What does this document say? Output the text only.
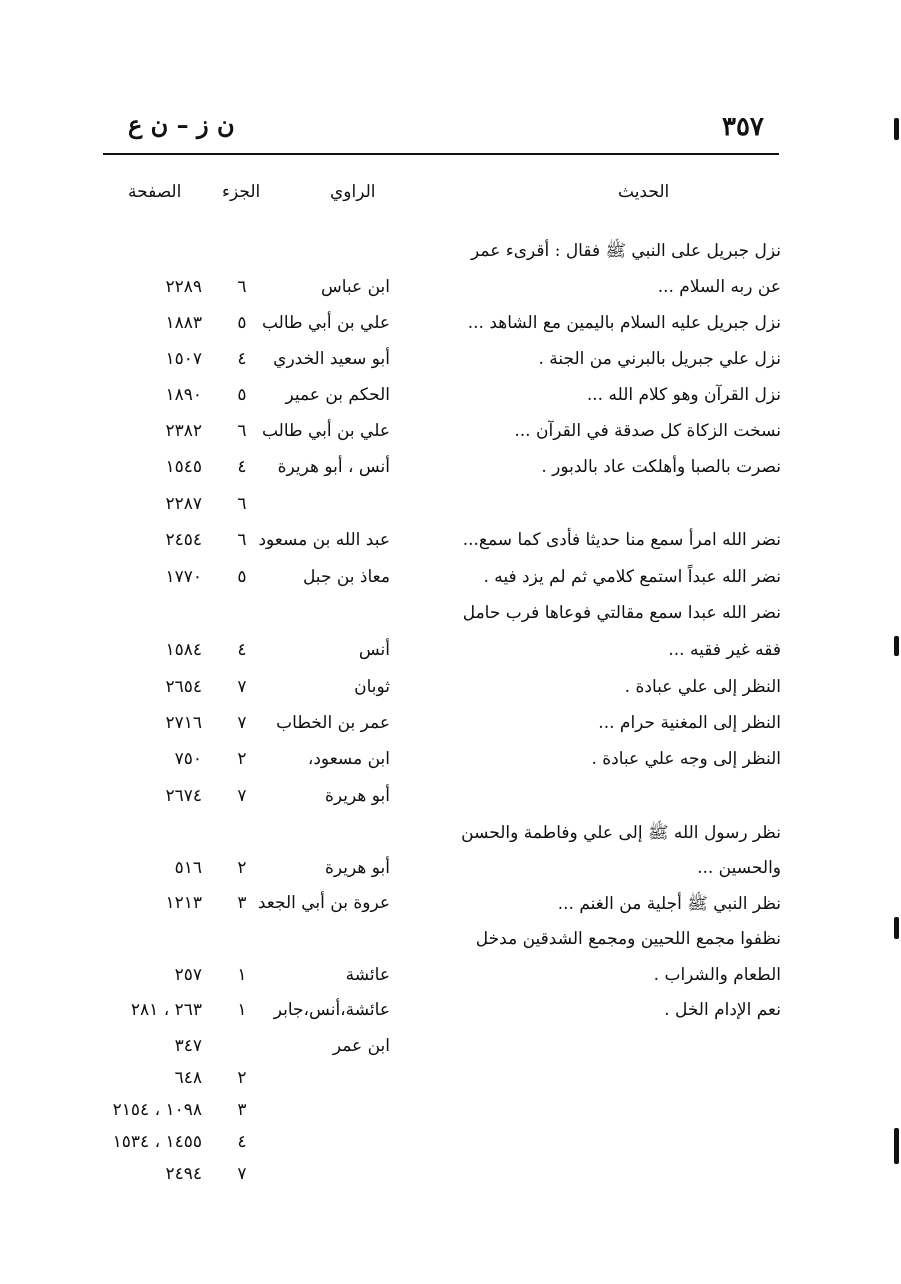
٣٥٧
ن ز – ن ع
الحديث
الراوي
الجزء
الصفحة
نزل جبريل على النبي ﷺ فقال : أقرىء عمر
عن ربه السلام ...
ابن عباس
٦
٢٢٨٩
نزل جبريل عليه السلام باليمين مع الشاهد ...
علي بن أبي طالب
٥
١٨٨٣
نزل علي جبريل بالبرني من الجنة .
أبو سعيد الخدري
٤
١٥٠٧
نزل القرآن وهو كلام الله ...
الحكم بن عمير
٥
١٨٩٠
نسخت الزكاة كل صدقة في القرآن ...
علي بن أبي طالب
٦
٢٣٨٢
نصرت بالصبا وأهلكت عاد بالدبور .
أنس ، أبو هريرة
٤
١٥٤٥
٦
٢٢٨٧
نضر الله امرأ سمع منا حديثا فأدى كما سمع...
عبد الله بن مسعود
٦
٢٤٥٤
نضر الله عبداً استمع كلامي ثم لم يزد فيه .
معاذ بن جبل
٥
١٧٧٠
نضر الله عبدا سمع مقالتي فوعاها فرب حامل
فقه غير فقيه ...
أنس
٤
١٥٨٤
النظر إلى علي عبادة .
ثوبان
٧
٢٦٥٤
النظر إلى المغنية حرام ...
عمر بن الخطاب
٧
٢٧١٦
النظر إلى وجه علي عبادة .
ابن مسعود،
٢
٧٥٠
أبو هريرة
٧
٢٦٧٤
نظر رسول الله ﷺ إلى علي وفاطمة والحسن
والحسين ...
أبو هريرة
٢
٥١٦
نظر النبي ﷺ أجلية من الغنم ...
عروة بن أبي الجعد
٣
١٢١٣
نظفوا مجمع اللحيين ومجمع الشدقين مدخل
الطعام والشراب .
عائشة
١
٢٥٧
نعم الإدام الخل .
عائشة،أنس،جابر
١
٢٦٣ ، ٢٨١
ابن عمر
٣٤٧
٢
٦٤٨
٣
١٠٩٨ ، ٢١٥٤
٤
١٤٥٥ ، ١٥٣٤
٧
٢٤٩٤
